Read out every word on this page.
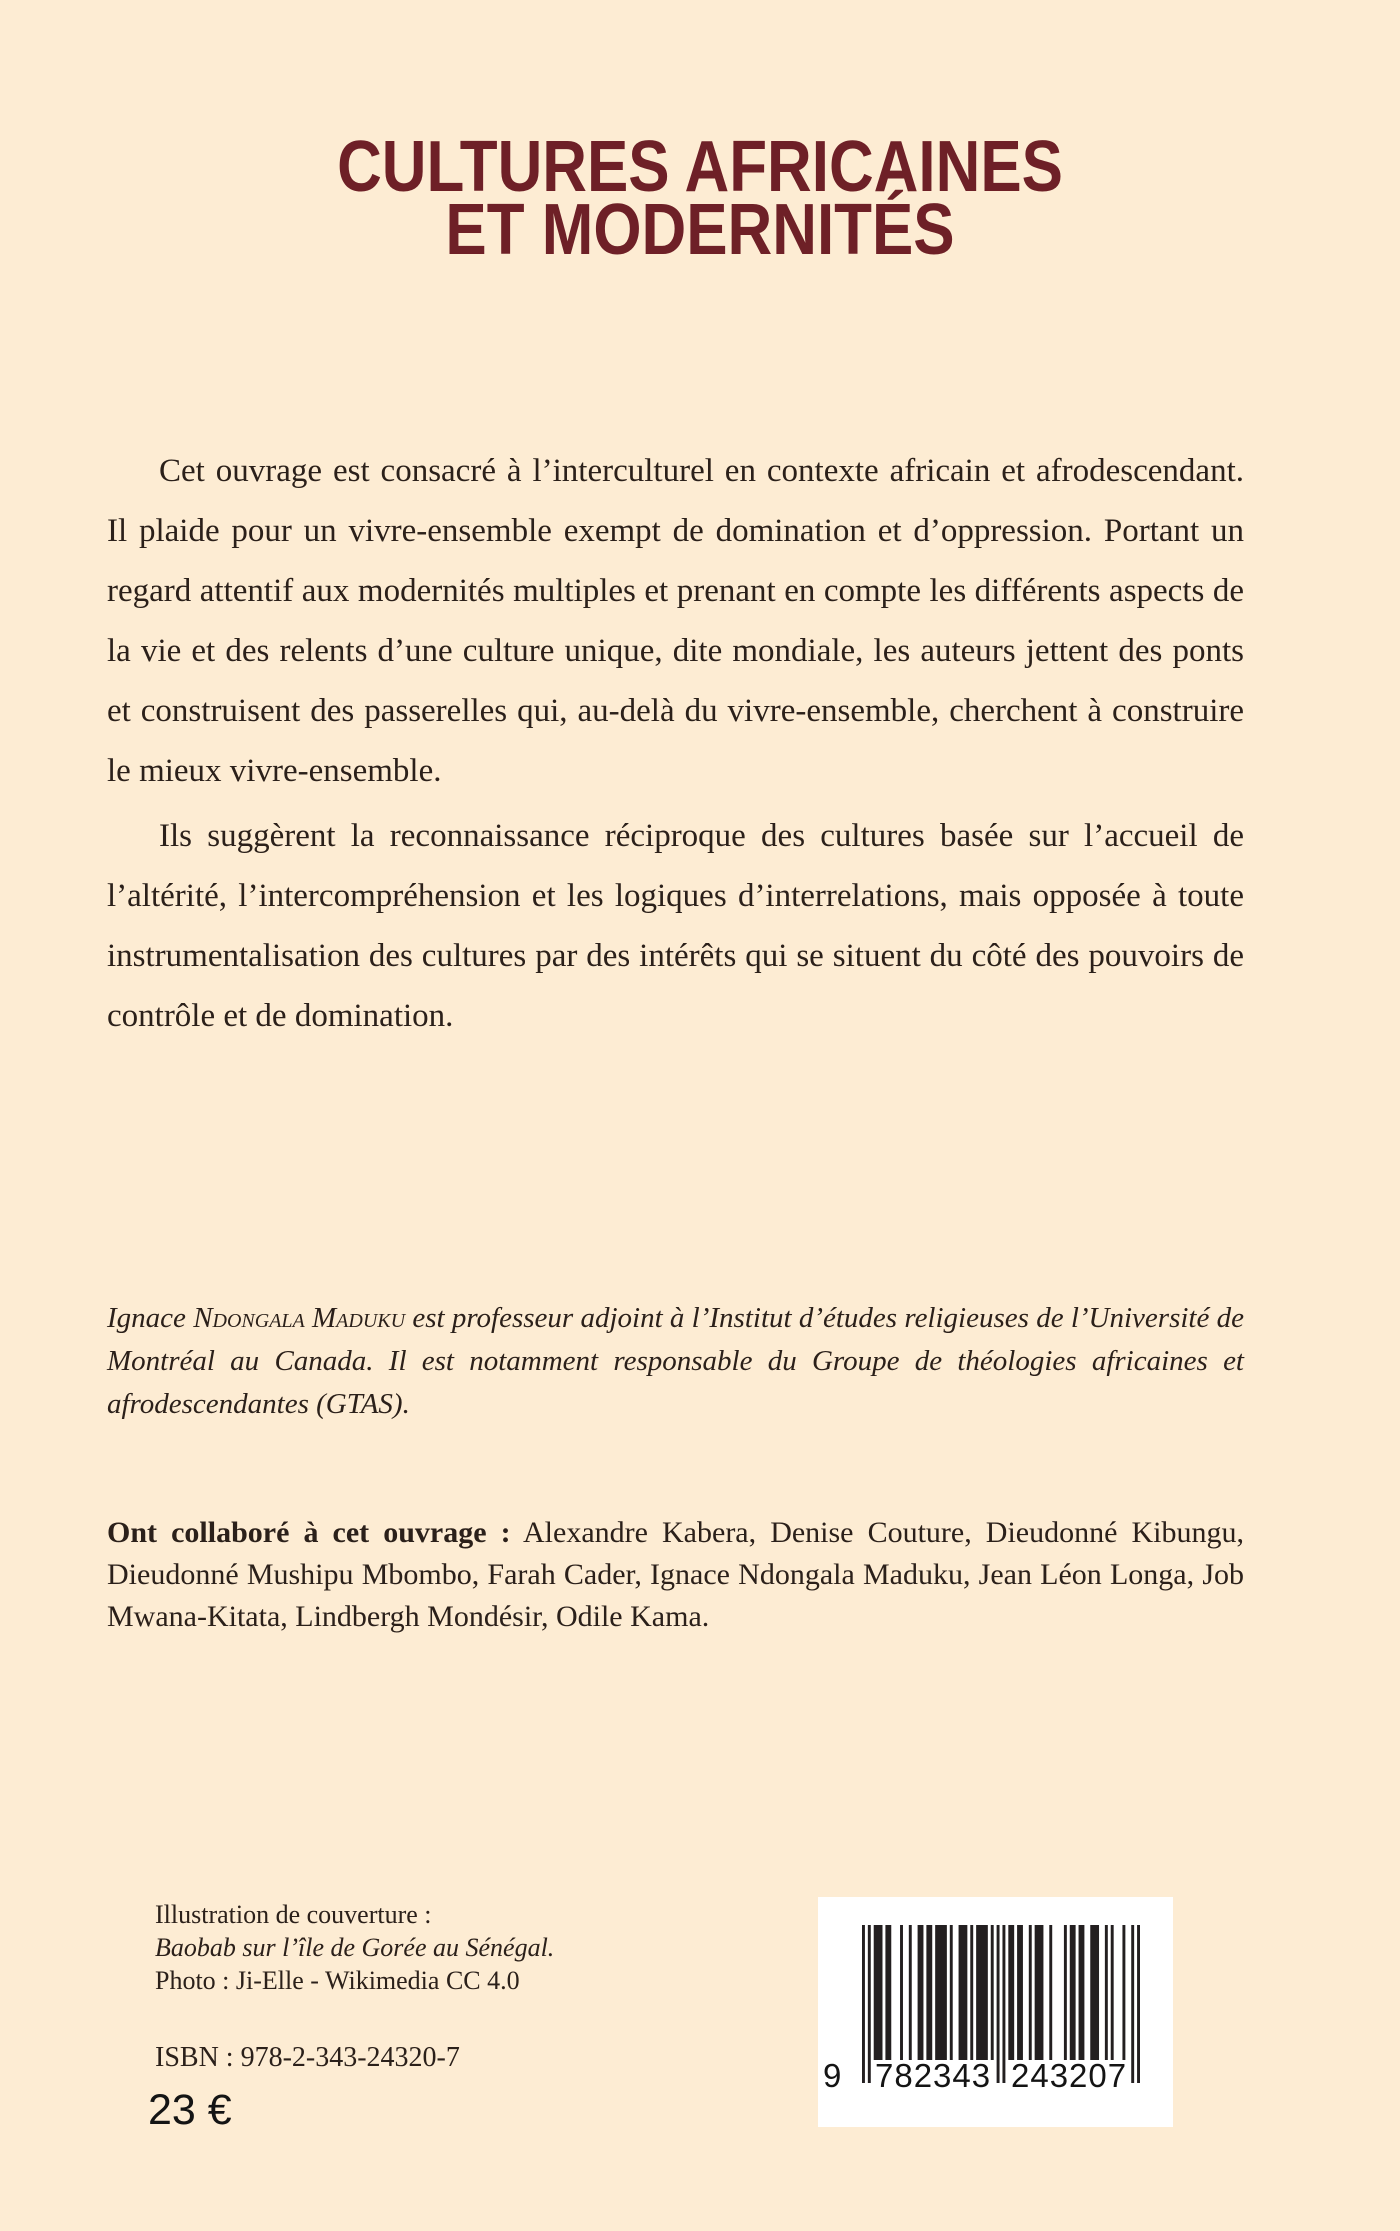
CULTURES AFRICAINES
ET MODERNITÉS

Cet ouvrage est consacré à l’interculturel en contexte africain et afrodescendant. Il plaide pour un vivre-ensemble exempt de domination et d’oppression. Portant un regard attentif aux modernités multiples et prenant en compte les différents aspects de la vie et des relents d’une culture unique, dite mondiale, les auteurs jettent des ponts et construisent des passerelles qui, au-delà du vivre-ensemble, cherchent à construire le mieux vivre-ensemble.

Ils suggèrent la reconnaissance réciproque des cultures basée sur l’accueil de l’altérité, l’intercompréhension et les logiques d’interrelations, mais opposée à toute instrumentalisation des cultures par des intérêts qui se situent du côté des pouvoirs de contrôle et de domination.

Ignace Ndongala Maduku est professeur adjoint à l’Institut d’études religieuses de l’Université de Montréal au Canada. Il est notamment responsable du Groupe de théologies africaines et afrodescendantes (GTAS).

Ont collaboré à cet ouvrage : Alexandre Kabera, Denise Couture, Dieudonné Kibungu, Dieudonné Mushipu Mbombo, Farah Cader, Ignace Ndongala Maduku, Jean Léon Longa, Job Mwana-Kitata, Lindbergh Mondésir, Odile Kama.

Illustration de couverture :
Baobab sur l’île de Gorée au Sénégal.
Photo : Ji-Elle - Wikimedia CC 4.0
ISBN : 978-2-343-24320-7
23 €
9 782343 243207
